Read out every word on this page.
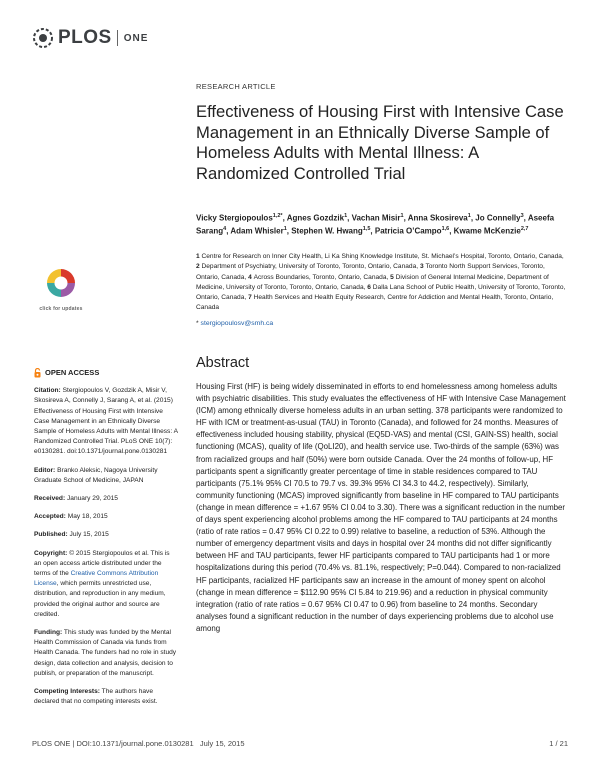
PLOS ONE
RESEARCH ARTICLE
Effectiveness of Housing First with Intensive Case Management in an Ethnically Diverse Sample of Homeless Adults with Mental Illness: A Randomized Controlled Trial
Vicky Stergiopoulos$^{1,2*}$, Agnes Gozdzik$^1$, Vachan Misir$^1$, Anna Skosireva$^1$, Jo Connelly$^3$, Aseefa Sarang$^4$, Adam Whisler$^1$, Stephen W. Hwang$^{1,5}$, Patricia O’Campo$^{1,6}$, Kwame McKenzie$^{2,7}$
1 Centre for Research on Inner City Health, Li Ka Shing Knowledge Institute, St. Michael’s Hospital, Toronto, Ontario, Canada, 2 Department of Psychiatry, University of Toronto, Toronto, Ontario, Canada, 3 Toronto North Support Services, Toronto, Ontario, Canada, 4 Across Boundaries, Toronto, Ontario, Canada, 5 Division of General Internal Medicine, Department of Medicine, University of Toronto, Toronto, Ontario, Canada, 6 Dalla Lana School of Public Health, University of Toronto, Toronto, Ontario, Canada, 7 Health Services and Health Equity Research, Centre for Addiction and Mental Health, Toronto, Ontario, Canada
* stergiopoulosv@smh.ca
click for updates
OPEN ACCESS

Citation: Stergiopoulos V, Gozdzik A, Misir V, Skosireva A, Connelly J, Sarang A, et al. (2015) Effectiveness of Housing First with Intensive Case Management in an Ethnically Diverse Sample of Homeless Adults with Mental Illness: A Randomized Controlled Trial. PLoS ONE 10(7): e0130281. doi:10.1371/journal.pone.0130281

Editor: Branko Aleksic, Nagoya University Graduate School of Medicine, JAPAN

Received: January 29, 2015

Accepted: May 18, 2015

Published: July 15, 2015

Copyright: © 2015 Stergiopoulos et al. This is an open access article distributed under the terms of the Creative Commons Attribution License, which permits unrestricted use, distribution, and reproduction in any medium, provided the original author and source are credited.

Funding: This study was funded by the Mental Health Commission of Canada via funds from Health Canada. The funders had no role in study design, data collection and analysis, decision to publish, or preparation of the manuscript.

Competing Interests: The authors have declared that no competing interests exist.

Abstract
Housing First (HF) is being widely disseminated in efforts to end homelessness among homeless adults with psychiatric disabilities. This study evaluates the effectiveness of HF with Intensive Case Management (ICM) among ethnically diverse homeless adults in an urban setting. 378 participants were randomized to HF with ICM or treatment-as-usual (TAU) in Toronto (Canada), and followed for 24 months. Measures of effectiveness included housing stability, physical (EQ5D-VAS) and mental (CSI, GAIN-SS) health, social functioning (MCAS), quality of life (QoLI20), and health service use. Two-thirds of the sample (63%) was from racialized groups and half (50%) were born outside Canada. Over the 24 months of follow-up, HF participants spent a significantly greater percentage of time in stable residences compared to TAU participants (75.1% 95% CI 70.5 to 79.7 vs. 39.3% 95% CI 34.3 to 44.2, respectively). Similarly, community functioning (MCAS) improved significantly from baseline in HF compared to TAU participants (change in mean difference = +1.67 95% CI 0.04 to 3.30). There was a significant reduction in the number of days spent experiencing alcohol problems among the HF compared to TAU participants at 24 months (ratio of rate ratios = 0.47 95% CI 0.22 to 0.99) relative to baseline, a reduction of 53%. Although the number of emergency department visits and days in hospital over 24 months did not differ significantly between HF and TAU participants, fewer HF participants compared to TAU participants had 1 or more hospitalizations during this period (70.4% vs. 81.1%, respectively; P=0.044). Compared to non-racialized HF participants, racialized HF participants saw an increase in the amount of money spent on alcohol (change in mean difference = $112.90 95% CI 5.84 to 219.96) and a reduction in physical community integration (ratio of rate ratios = 0.67 95% CI 0.47 to 0.96) from baseline to 24 months. Secondary analyses found a significant reduction in the number of days experiencing problems due to alcohol use among
PLOS ONE | DOI:10.1371/journal.pone.0130281 July 15, 2015	1 / 21
